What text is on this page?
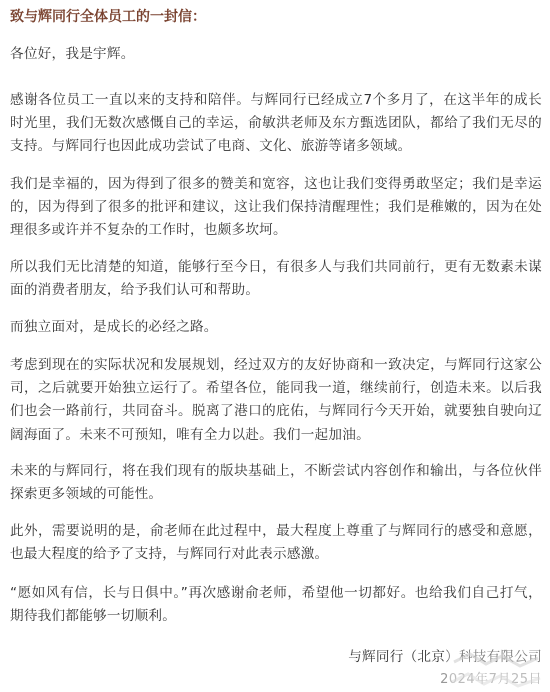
致与辉同行全体员工的一封信：
各位好，我是宇辉。
感谢各位员工一直以来的支持和陪伴。与辉同行已经成立7个多月了，在这半年的成长时光里，我们无数次感慨自己的幸运，俞敏洪老师及东方甄选团队，都给了我们无尽的支持。与辉同行也因此成功尝试了电商、文化、旅游等诸多领域。
我们是幸福的，因为得到了很多的赞美和宽容，这也让我们变得勇敢坚定；我们是幸运的，因为得到了很多的批评和建议，这让我们保持清醒理性；我们是稚嫩的，因为在处理很多或许并不复杂的工作时，也颇多坎坷。
所以我们无比清楚的知道，能够行至今日，有很多人与我们共同前行，更有无数素未谋面的消费者朋友，给予我们认可和帮助。
而独立面对，是成长的必经之路。
考虑到现在的实际状况和发展规划，经过双方的友好协商和一致决定，与辉同行这家公司，之后就要开始独立运行了。希望各位，能同我一道，继续前行，创造未来。以后我们也会一路前行，共同奋斗。脱离了港口的庇佑，与辉同行今天开始，就要独自驶向辽阔海面了。未来不可预知，唯有全力以赴。我们一起加油。
未来的与辉同行，将在我们现有的版块基础上，不断尝试内容创作和输出，与各位伙伴探索更多领域的可能性。
此外，需要说明的是，俞老师在此过程中，最大程度上尊重了与辉同行的感受和意愿，也最大程度的给予了支持，与辉同行对此表示感激。
“愿如风有信，长与日俱中。”再次感谢俞老师，希望他一切都好。也给我们自己打气，期待我们都能够一切顺利。
与辉同行（北京）科技有限公司
2024年7月25日
